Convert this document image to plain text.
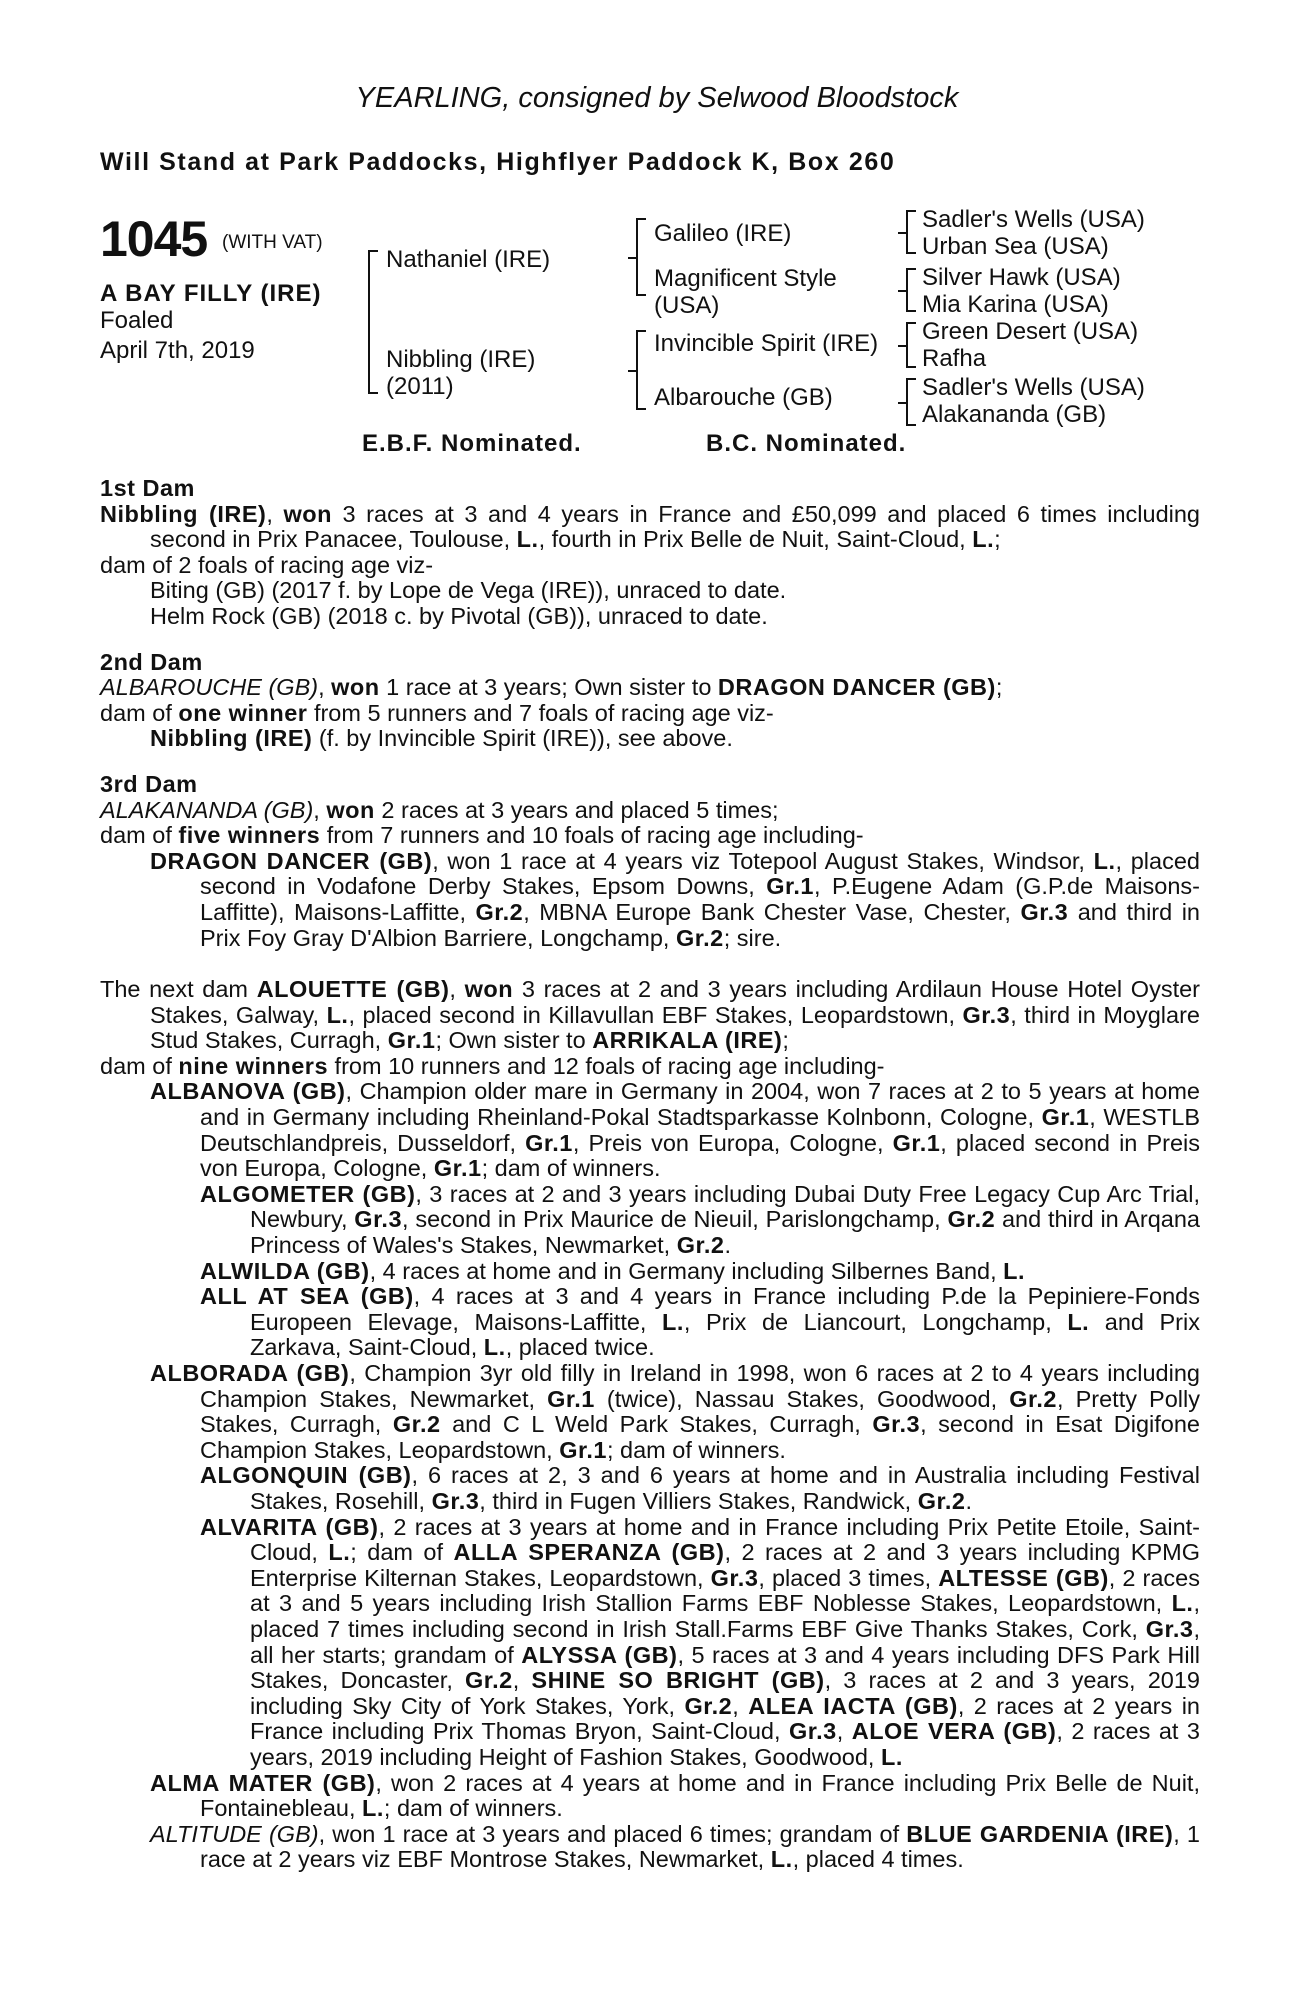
YEARLING, consigned by Selwood Bloodstock
Will Stand at Park Paddocks, Highflyer Paddock K, Box 260
1045 (WITH VAT)
A BAY FILLY (IRE)
Foaled
April 7th, 2019
Nathaniel (IRE)
Nibbling (IRE)
(2011)
Galileo (IRE)
Magnificent Style
(USA)
Invincible Spirit (IRE)
Albarouche (GB)
Sadler's Wells (USA)
Urban Sea (USA)
Silver Hawk (USA)
Mia Karina (USA)
Green Desert (USA)
Rafha
Sadler's Wells (USA)
Alakananda (GB)
E.B.F. Nominated.	B.C. Nominated.
1st Dam
Nibbling (IRE), won 3 races at 3 and 4 years in France and £50,099 and placed 6 times including second in Prix Panacee, Toulouse, L., fourth in Prix Belle de Nuit, Saint-Cloud, L.;
dam of 2 foals of racing age viz-
Biting (GB) (2017 f. by Lope de Vega (IRE)), unraced to date.
Helm Rock (GB) (2018 c. by Pivotal (GB)), unraced to date.
2nd Dam
ALBAROUCHE (GB), won 1 race at 3 years; Own sister to DRAGON DANCER (GB);
dam of one winner from 5 runners and 7 foals of racing age viz-
Nibbling (IRE) (f. by Invincible Spirit (IRE)), see above.
3rd Dam
ALAKANANDA (GB), won 2 races at 3 years and placed 5 times;
dam of five winners from 7 runners and 10 foals of racing age including-
DRAGON DANCER (GB), won 1 race at 4 years viz Totepool August Stakes, Windsor, L., placed second in Vodafone Derby Stakes, Epsom Downs, Gr.1, P.Eugene Adam (G.P.de Maisons-Laffitte), Maisons-Laffitte, Gr.2, MBNA Europe Bank Chester Vase, Chester, Gr.3 and third in Prix Foy Gray D'Albion Barriere, Longchamp, Gr.2; sire.
The next dam ALOUETTE (GB), won 3 races at 2 and 3 years including Ardilaun House Hotel Oyster Stakes, Galway, L., placed second in Killavullan EBF Stakes, Leopardstown, Gr.3, third in Moyglare Stud Stakes, Curragh, Gr.1; Own sister to ARRIKALA (IRE);
dam of nine winners from 10 runners and 12 foals of racing age including-
ALBANOVA (GB), Champion older mare in Germany in 2004, won 7 races at 2 to 5 years at home and in Germany including Rheinland-Pokal Stadtsparkasse Kolnbonn, Cologne, Gr.1, WESTLB Deutschlandpreis, Dusseldorf, Gr.1, Preis von Europa, Cologne, Gr.1, placed second in Preis von Europa, Cologne, Gr.1; dam of winners.
ALGOMETER (GB), 3 races at 2 and 3 years including Dubai Duty Free Legacy Cup Arc Trial, Newbury, Gr.3, second in Prix Maurice de Nieuil, Parislongchamp, Gr.2 and third in Arqana Princess of Wales's Stakes, Newmarket, Gr.2.
ALWILDA (GB), 4 races at home and in Germany including Silbernes Band, L.
ALL AT SEA (GB), 4 races at 3 and 4 years in France including P.de la Pepiniere-Fonds Europeen Elevage, Maisons-Laffitte, L., Prix de Liancourt, Longchamp, L. and Prix Zarkava, Saint-Cloud, L., placed twice.
ALBORADA (GB), Champion 3yr old filly in Ireland in 1998, won 6 races at 2 to 4 years including Champion Stakes, Newmarket, Gr.1 (twice), Nassau Stakes, Goodwood, Gr.2, Pretty Polly Stakes, Curragh, Gr.2 and C L Weld Park Stakes, Curragh, Gr.3, second in Esat Digifone Champion Stakes, Leopardstown, Gr.1; dam of winners.
ALGONQUIN (GB), 6 races at 2, 3 and 6 years at home and in Australia including Festival Stakes, Rosehill, Gr.3, third in Fugen Villiers Stakes, Randwick, Gr.2.
ALVARITA (GB), 2 races at 3 years at home and in France including Prix Petite Etoile, Saint-Cloud, L.; dam of ALLA SPERANZA (GB), 2 races at 2 and 3 years including KPMG Enterprise Kilternan Stakes, Leopardstown, Gr.3, placed 3 times, ALTESSE (GB), 2 races at 3 and 5 years including Irish Stallion Farms EBF Noblesse Stakes, Leopardstown, L., placed 7 times including second in Irish Stall.Farms EBF Give Thanks Stakes, Cork, Gr.3, all her starts; grandam of ALYSSA (GB), 5 races at 3 and 4 years including DFS Park Hill Stakes, Doncaster, Gr.2, SHINE SO BRIGHT (GB), 3 races at 2 and 3 years, 2019 including Sky City of York Stakes, York, Gr.2, ALEA IACTA (GB), 2 races at 2 years in France including Prix Thomas Bryon, Saint-Cloud, Gr.3, ALOE VERA (GB), 2 races at 3 years, 2019 including Height of Fashion Stakes, Goodwood, L.
ALMA MATER (GB), won 2 races at 4 years at home and in France including Prix Belle de Nuit, Fontainebleau, L.; dam of winners.
ALTITUDE (GB), won 1 race at 3 years and placed 6 times; grandam of BLUE GARDENIA (IRE), 1 race at 2 years viz EBF Montrose Stakes, Newmarket, L., placed 4 times.
